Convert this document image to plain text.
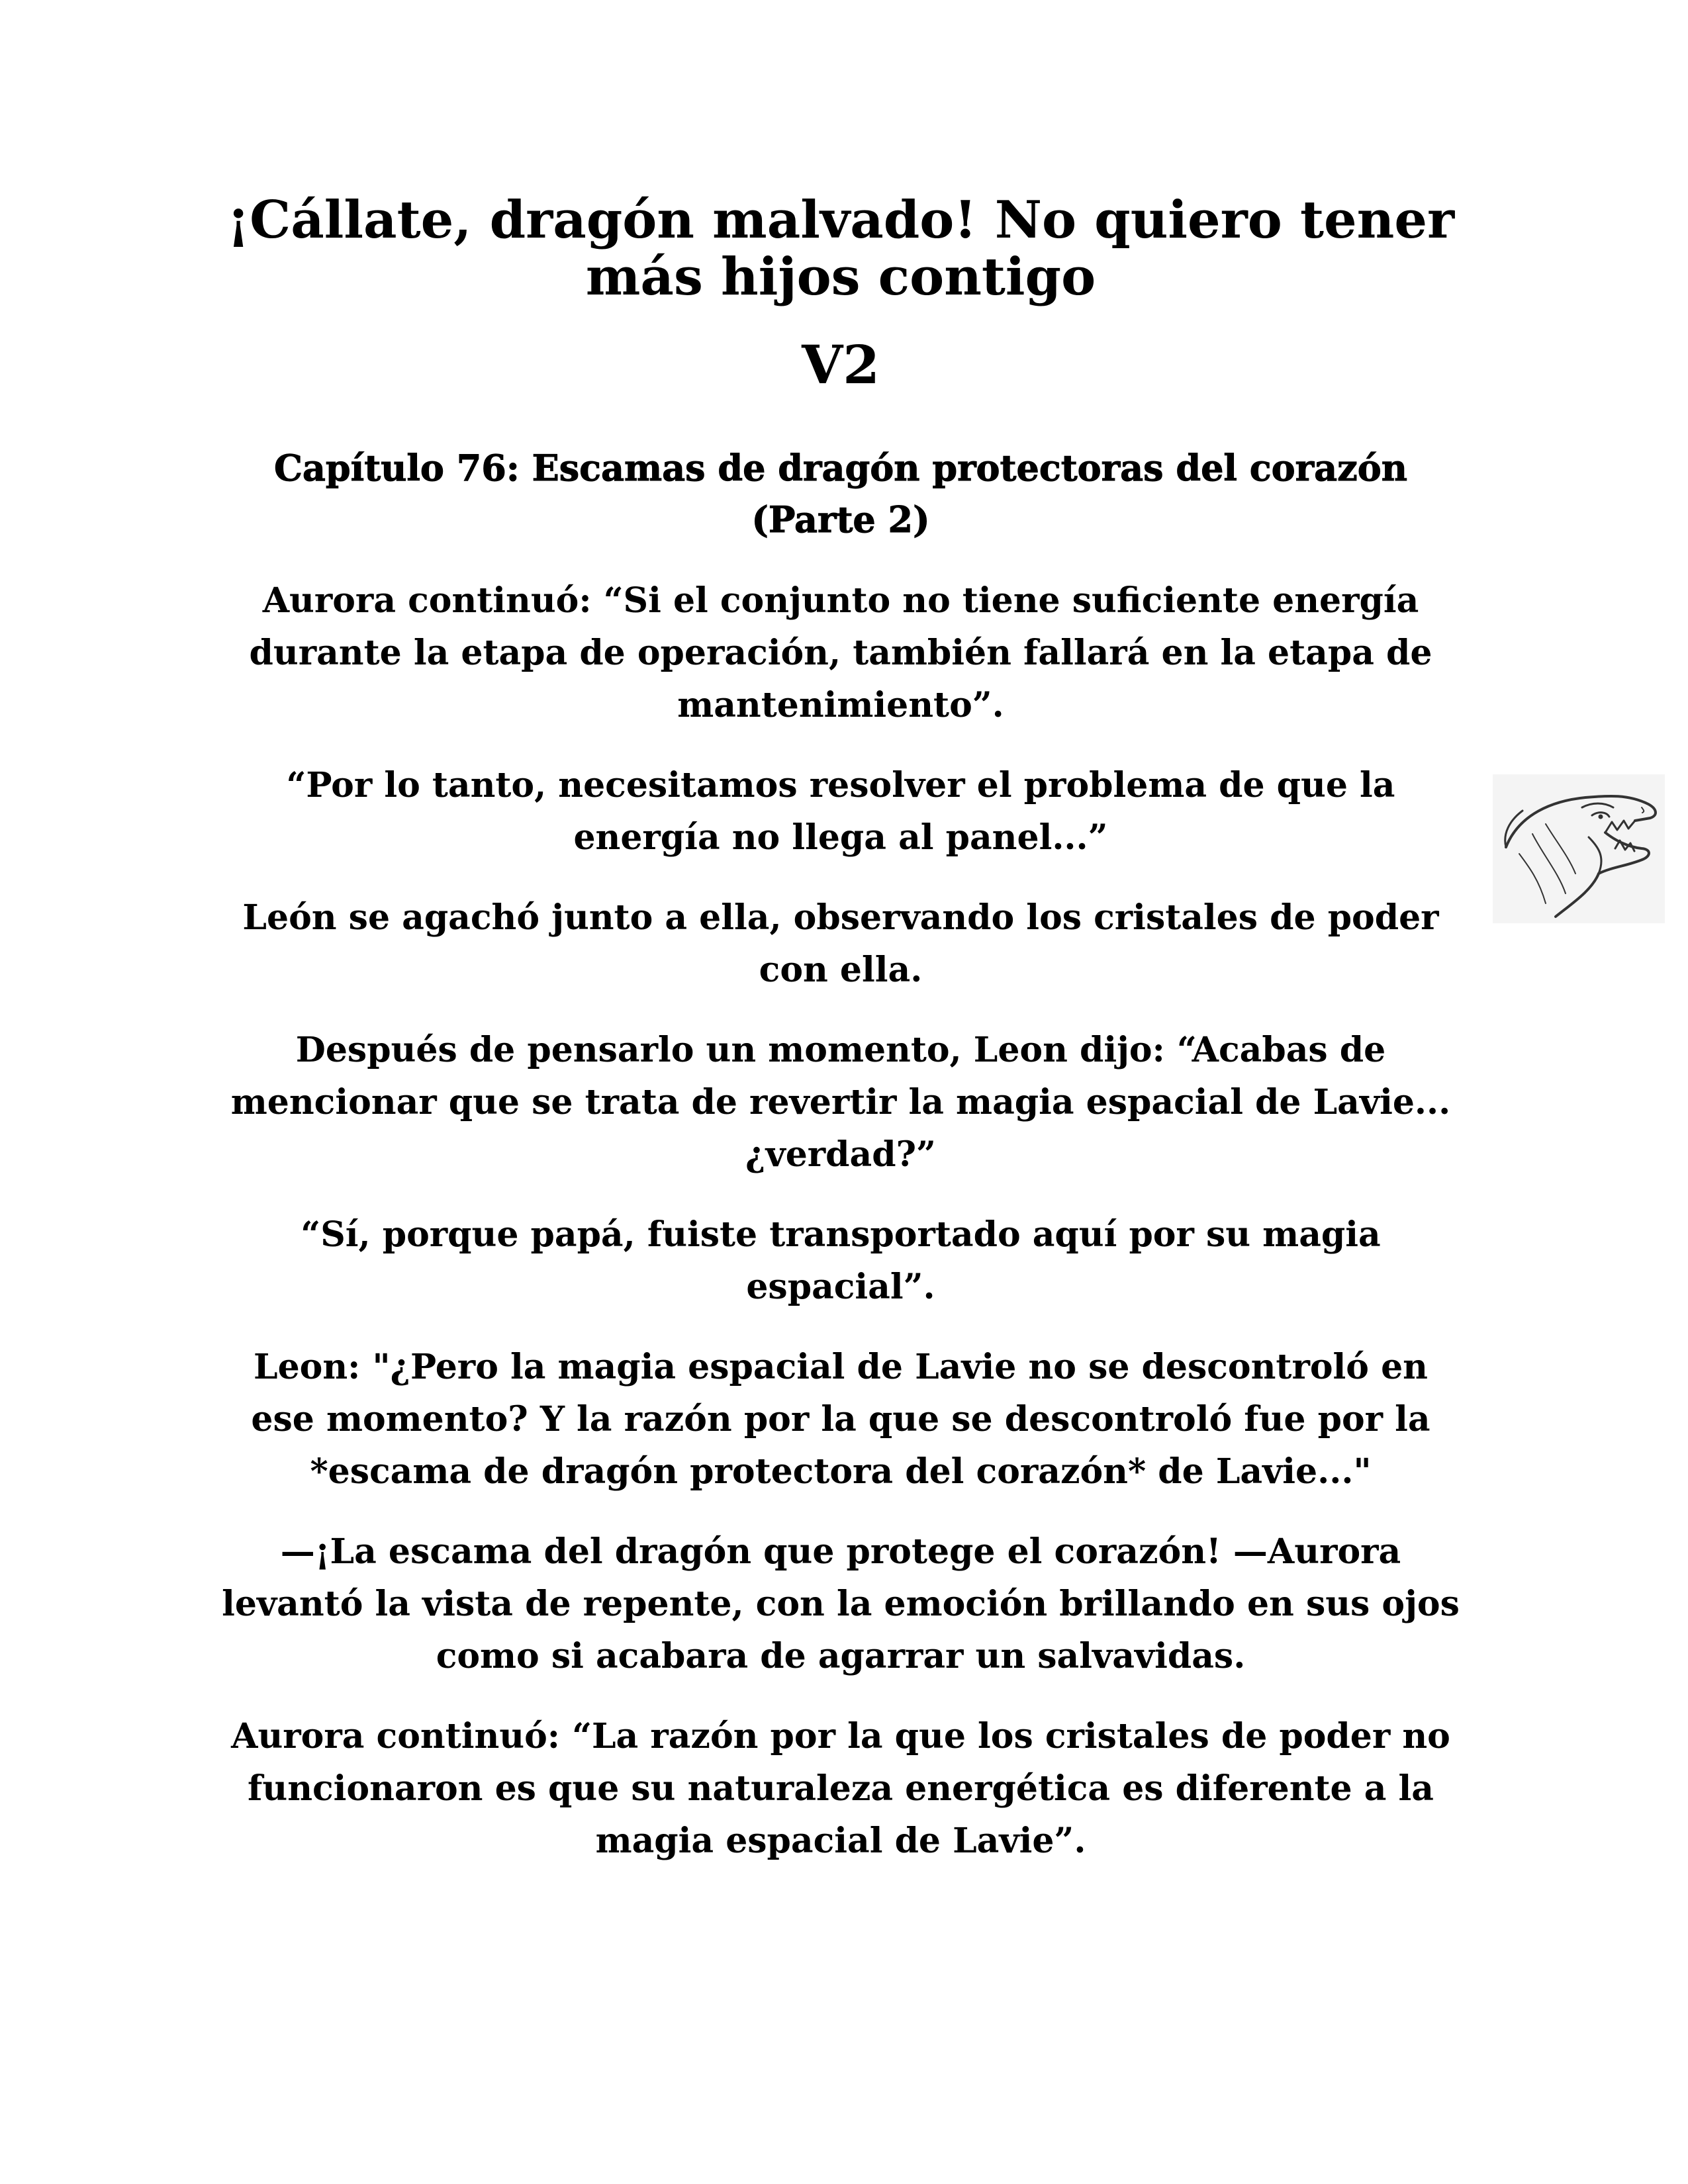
¡Cállate, dragón malvado! No quiero tener más hijos contigo
V2
Capítulo 76: Escamas de dragón protectoras del corazón (Parte 2)

Aurora continuó: “Si el conjunto no tiene suficiente energía durante la etapa de operación, también fallará en la etapa de mantenimiento”.

“Por lo tanto, necesitamos resolver el problema de que la energía no llega al panel...”

León se agachó junto a ella, observando los cristales de poder con ella.

Después de pensarlo un momento, Leon dijo: “Acabas de mencionar que se trata de revertir la magia espacial de Lavie... ¿verdad?”

“Sí, porque papá, fuiste transportado aquí por su magia espacial”.

Leon: "¿Pero la magia espacial de Lavie no se descontroló en ese momento? Y la razón por la que se descontroló fue por la *escama de dragón protectora del corazón* de Lavie..."

—¡La escama del dragón que protege el corazón! —Aurora levantó la vista de repente, con la emoción brillando en sus ojos como si acabara de agarrar un salvavidas.

Aurora continuó: “La razón por la que los cristales de poder no funcionaron es que su naturaleza energética es diferente a la magia espacial de Lavie”.
